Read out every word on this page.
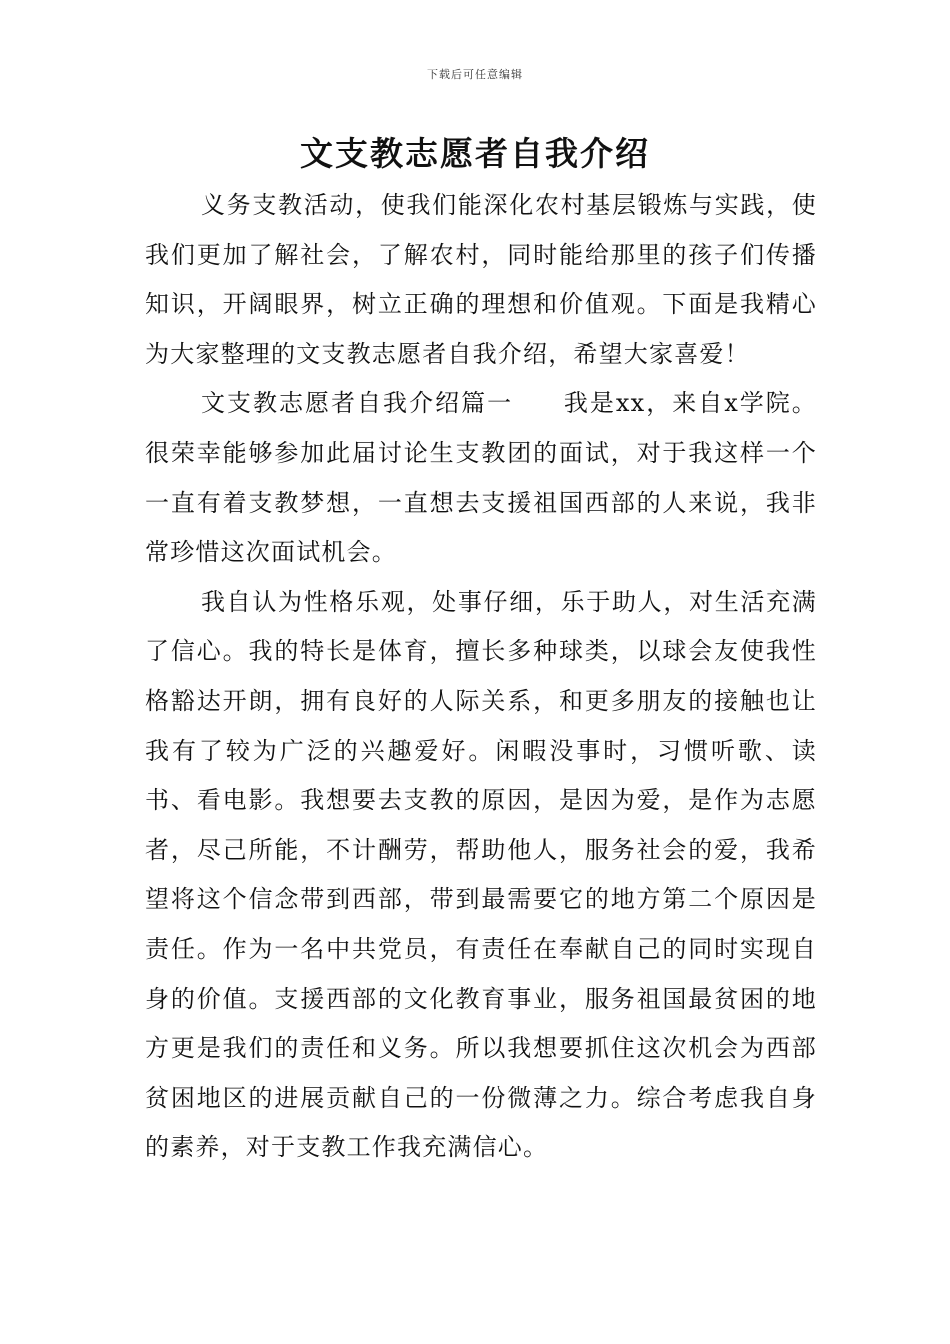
下载后可任意编辑
文支教志愿者自我介绍

义务支教活动，使我们能深化农村基层锻炼与实践，使我们更加了解社会，了解农村，同时能给那里的孩子们传播知识，开阔眼界，树立正确的理想和价值观。下面是我精心为大家整理的文支教志愿者自我介绍，希望大家喜爱！

文支教志愿者自我介绍篇一 我是xx，来自x学院。很荣幸能够参加此届讨论生支教团的面试，对于我这样一个一直有着支教梦想，一直想去支援祖国西部的人来说，我非常珍惜这次面试机会。

我自认为性格乐观，处事仔细，乐于助人，对生活充满了信心。我的特长是体育，擅长多种球类，以球会友使我性格豁达开朗，拥有良好的人际关系，和更多朋友的接触也让我有了较为广泛的兴趣爱好。闲暇没事时，习惯听歌、读书、看电影。我想要去支教的原因，是因为爱，是作为志愿者，尽己所能，不计酬劳，帮助他人，服务社会的爱，我希望将这个信念带到西部，带到最需要它的地方第二个原因是责任。作为一名中共党员，有责任在奉献自己的同时实现自身的价值。支援西部的文化教育事业，服务祖国最贫困的地方更是我们的责任和义务。所以我想要抓住这次机会为西部贫困地区的进展贡献自己的一份微薄之力。综合考虑我自身的素养，对于支教工作我充满信心。
